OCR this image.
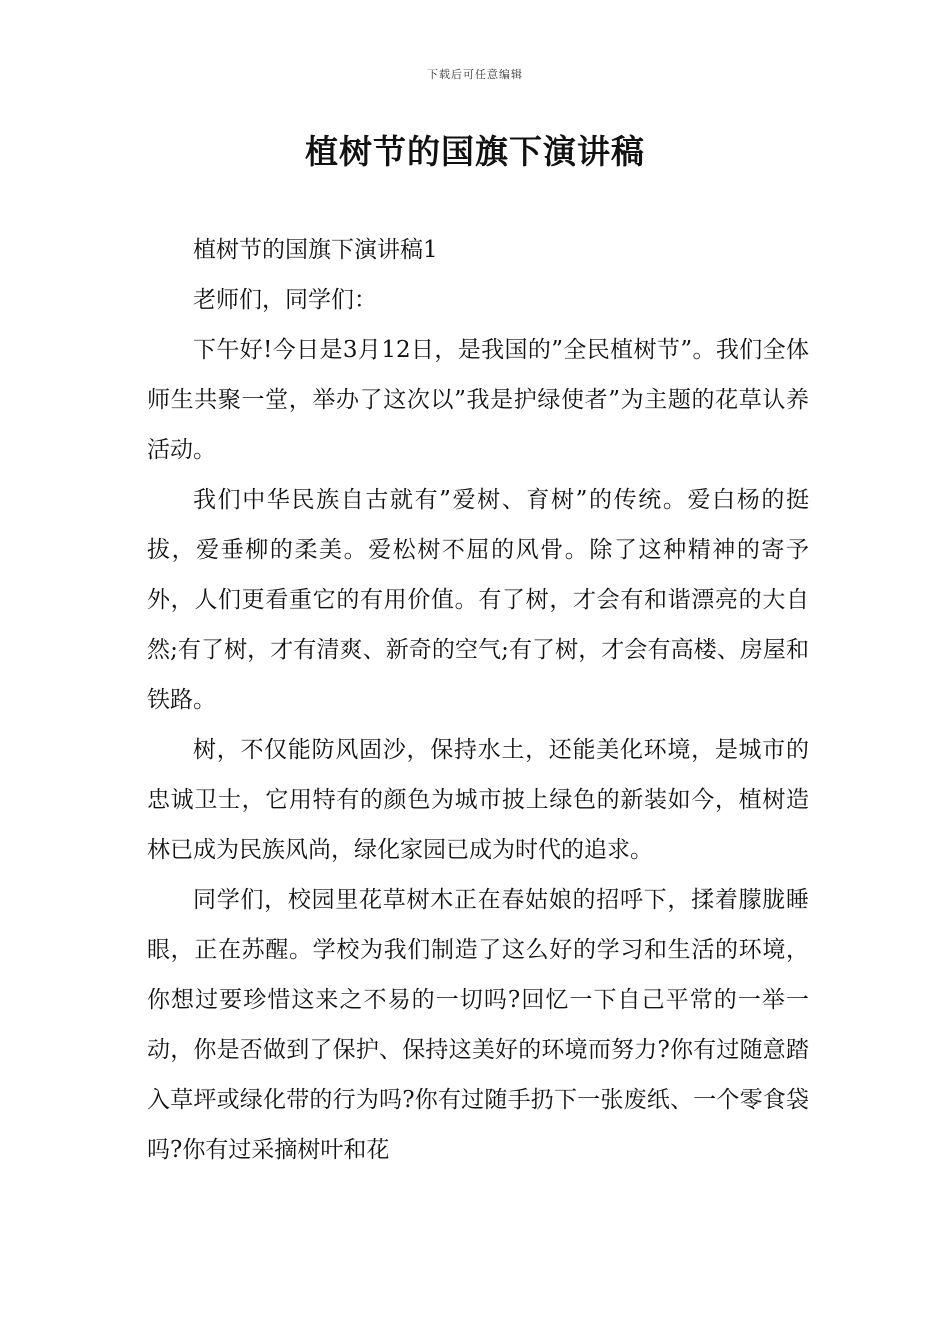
下载后可任意编辑
植树节的国旗下演讲稿

植树节的国旗下演讲稿1

老师们，同学们：

下午好!今日是3月12日，是我国的”全民植树节”。我们全体师生共聚一堂，举办了这次以”我是护绿使者”为主题的花草认养活动。

我们中华民族自古就有”爱树、育树”的传统。爱白杨的挺拔，爱垂柳的柔美。爱松树不屈的风骨。除了这种精神的寄予外，人们更看重它的有用价值。有了树，才会有和谐漂亮的大自然;有了树，才有清爽、新奇的空气;有了树，才会有高楼、房屋和铁路。

树，不仅能防风固沙，保持水土，还能美化环境，是城市的忠诚卫士，它用特有的颜色为城市披上绿色的新装如今，植树造林已成为民族风尚，绿化家园已成为时代的追求。

同学们，校园里花草树木正在春姑娘的招呼下，揉着朦胧睡眼，正在苏醒。学校为我们制造了这么好的学习和生活的环境，你想过要珍惜这来之不易的一切吗?回忆一下自己平常的一举一动，你是否做到了保护、保持这美好的环境而努力?你有过随意踏入草坪或绿化带的行为吗?你有过随手扔下一张废纸、一个零食袋吗?你有过采摘树叶和花
